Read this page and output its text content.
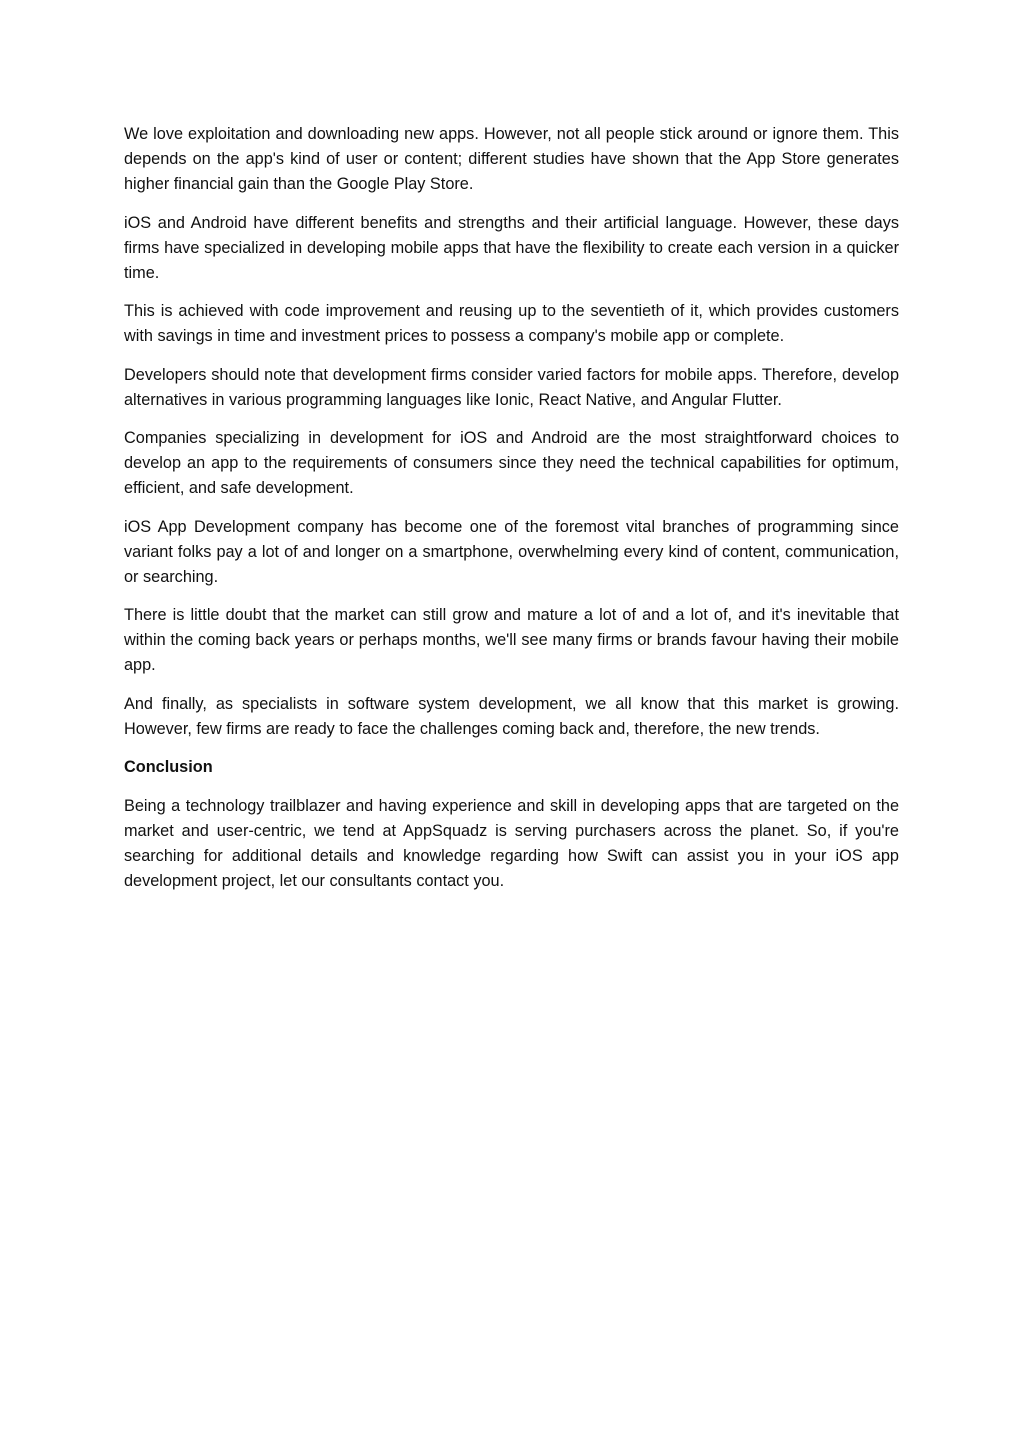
We love exploitation and downloading new apps. However, not all people stick around or ignore them. This depends on the app's kind of user or content; different studies have shown that the App Store generates higher financial gain than the Google Play Store.

iOS and Android have different benefits and strengths and their artificial language. However, these days firms have specialized in developing mobile apps that have the flexibility to create each version in a quicker time.

This is achieved with code improvement and reusing up to the seventieth of it, which provides customers with savings in time and investment prices to possess a company's mobile app or complete.

Developers should note that development firms consider varied factors for mobile apps. Therefore, develop alternatives in various programming languages like Ionic, React Native, and Angular Flutter.

Companies specializing in development for iOS and Android are the most straightforward choices to develop an app to the requirements of consumers since they need the technical capabilities for optimum, efficient, and safe development.

iOS App Development company has become one of the foremost vital branches of programming since variant folks pay a lot of and longer on a smartphone, overwhelming every kind of content, communication, or searching.

There is little doubt that the market can still grow and mature a lot of and a lot of, and it's inevitable that within the coming back years or perhaps months, we'll see many firms or brands favour having their mobile app.

And finally, as specialists in software system development, we all know that this market is growing. However, few firms are ready to face the challenges coming back and, therefore, the new trends.

Conclusion

Being a technology trailblazer and having experience and skill in developing apps that are targeted on the market and user-centric, we tend at AppSquadz is serving purchasers across the planet. So, if you're searching for additional details and knowledge regarding how Swift can assist you in your iOS app development project, let our consultants contact you.
